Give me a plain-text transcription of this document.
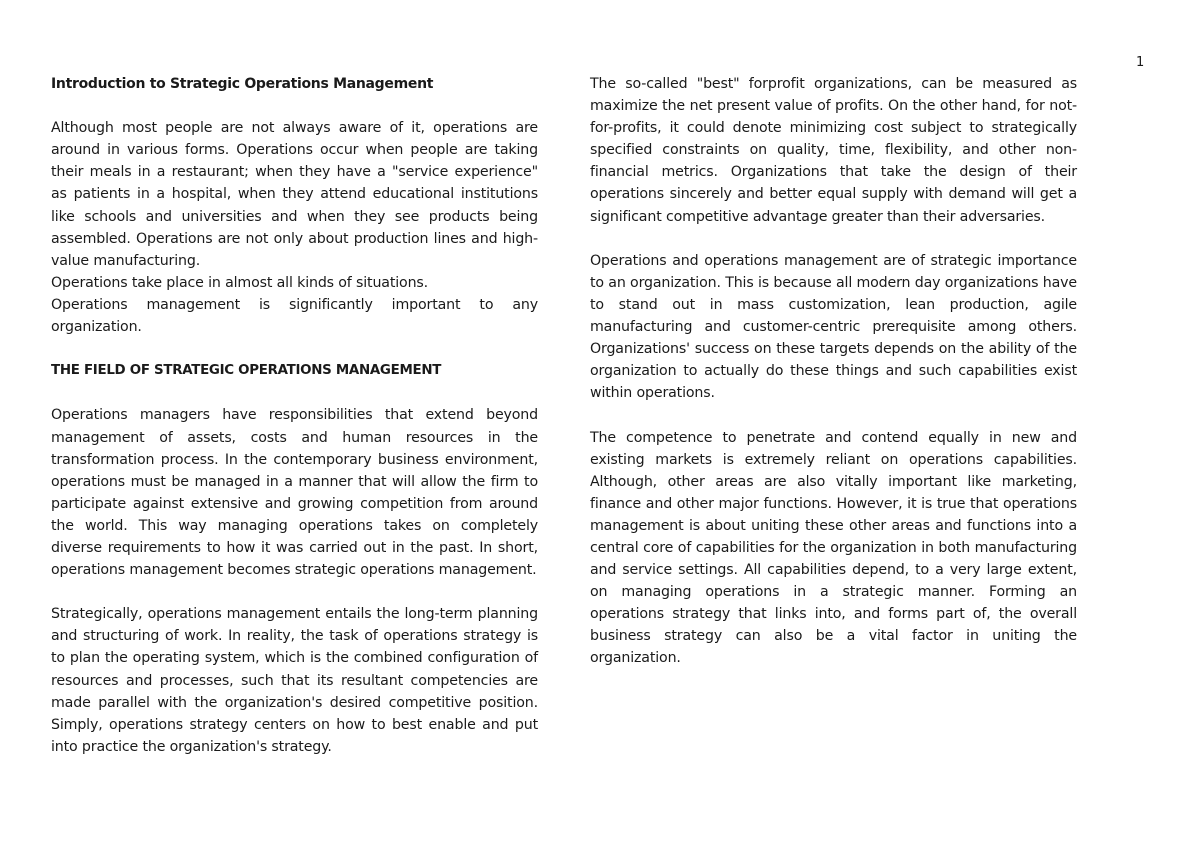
1
Introduction to Strategic Operations Management

Although most people are not always aware of it, operations are around in various forms. Operations occur when people are taking their meals in a restaurant; when they have a "service experience" as patients in a hospital, when they attend educational institutions like schools and universities and when they see products being assembled. Operations are not only about production lines and high-value manufacturing.

Operations take place in almost all kinds of situations.

Operations management is significantly important to any organization.

THE FIELD OF STRATEGIC OPERATIONS MANAGEMENT

Operations managers have responsibilities that extend beyond management of assets, costs and human resources in the transformation process. In the contemporary business environment, operations must be managed in a manner that will allow the firm to participate against extensive and growing competition from around the world. This way managing operations takes on completely diverse requirements to how it was carried out in the past. In short, operations management becomes strategic operations management.

Strategically, operations management entails the long-term planning and structuring of work. In reality, the task of operations strategy is to plan the operating system, which is the combined configuration of resources and processes, such that its resultant competencies are made parallel with the organization's desired competitive position. Simply, operations strategy centers on how to best enable and put into practice the organization's strategy.

The so-called "best" forprofit organizations, can be measured as maximize the net present value of profits. On the other hand, for not-for-profits, it could denote minimizing cost subject to strategically specified constraints on quality, time, flexibility, and other non-financial metrics. Organizations that take the design of their operations sincerely and better equal supply with demand will get a significant competitive advantage greater than their adversaries.

Operations and operations management are of strategic importance to an organization. This is because all modern day organizations have to stand out in mass customization, lean production, agile manufacturing and customer-centric prerequisite among others. Organizations' success on these targets depends on the ability of the organization to actually do these things and such capabilities exist within operations.

The competence to penetrate and contend equally in new and existing markets is extremely reliant on operations capabilities. Although, other areas are also vitally important like marketing, finance and other major functions. However, it is true that operations management is about uniting these other areas and functions into a central core of capabilities for the organization in both manufacturing and service settings. All capabilities depend, to a very large extent, on managing operations in a strategic manner. Forming an operations strategy that links into, and forms part of, the overall business strategy can also be a vital factor in uniting the organization.
